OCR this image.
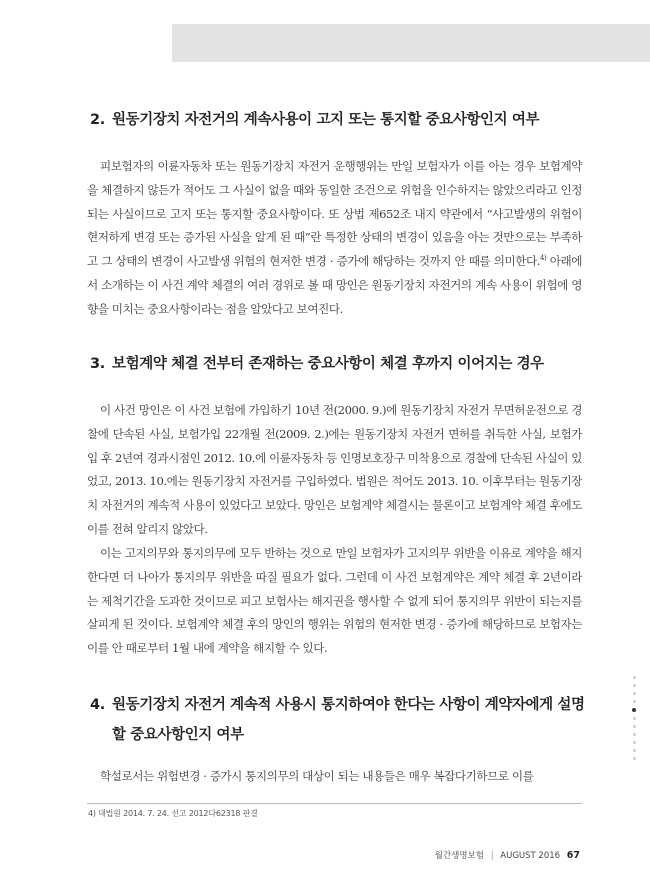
2. 원동기장치 자전거의 계속사용이 고지 또는 통지할 중요사항인지 여부
피보험자의 이륜자동차 또는 원동기장치 자전거 운행행위는 만일 보험자가 이를 아는 경우 보험계약을 체결하지 않든가 적어도 그 사실이 없을 때와 동일한 조건으로 위험을 인수하지는 않았으리라고 인정되는 사실이므로 고지 또는 통지할 중요사항이다. 또 상법 제652조 내지 약관에서 “사고발생의 위험이 현저하게 변경 또는 증가된 사실을 알게 된 때”란 특정한 상태의 변경이 있음을 아는 것만으로는 부족하고 그 상태의 변경이 사고발생 위험의 현저한 변경 · 증가에 해당하는 것까지 안 때를 의미한다.$^{4)}$ 아래에서 소개하는 이 사건 계약 체결의 여러 경위로 볼 때 망인은 원동기장치 자전거의 계속 사용이 위험에 영향을 미치는 중요사항이라는 점을 알았다고 보여진다.
3. 보험계약 체결 전부터 존재하는 중요사항이 체결 후까지 이어지는 경우
이 사건 망인은 이 사건 보험에 가입하기 10년 전(2000. 9.)에 원동기장치 자전거 무면허운전으로 경찰에 단속된 사실, 보험가입 22개월 전(2009. 2.)에는 원동기장치 자전거 면허를 취득한 사실, 보험가입 후 2년여 경과시점인 2012. 10.에 이륜자동차 등 인명보호장구 미착용으로 경찰에 단속된 사실이 있었고, 2013. 10.에는 원동기장치 자전거를 구입하였다. 법원은 적어도 2013. 10. 이후부터는 원동기장치 자전거의 계속적 사용이 있었다고 보았다. 망인은 보험계약 체결시는 물론이고 보험계약 체결 후에도 이를 전혀 알리지 않았다.
이는 고지의무와 통지의무에 모두 반하는 것으로 만일 보험자가 고지의무 위반을 이유로 계약을 해지한다면 더 나아가 통지의무 위반을 따질 필요가 없다. 그런데 이 사건 보험계약은 계약 체결 후 2년이라는 제척기간을 도과한 것이므로 피고 보험사는 해지권을 행사할 수 없게 되어 통지의무 위반이 되는지를 살피게 된 것이다. 보험계약 체결 후의 망인의 행위는 위험의 현저한 변경 · 증가에 해당하므로 보험자는 이를 안 때로부터 1월 내에 계약을 해지할 수 있다.
4. 원동기장치 자전거 계속적 사용시 통지하여야 한다는 사항이 계약자에게 설명
할 중요사항인지 여부
학설로서는 위험변경 · 증가시 통지의무의 대상이 되는 내용들은 매우 복잡다기하므로 이를
4) 대법원 2014. 7. 24. 선고 2012다62318 판결
월간생명보험 | AUGUST 2016 67
